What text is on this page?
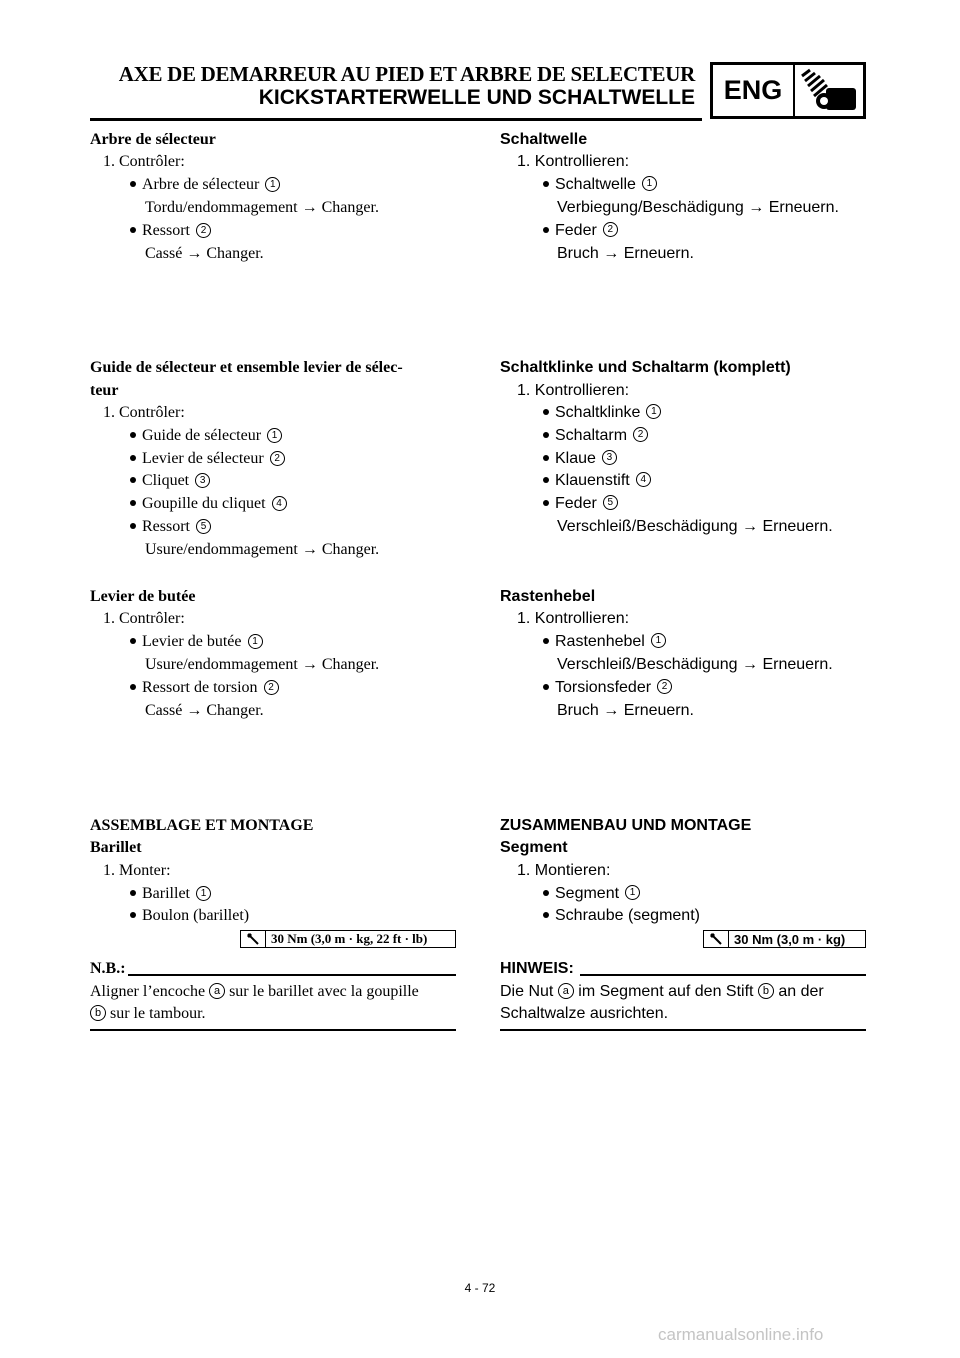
AXE DE DEMARREUR AU PIED ET ARBRE DE SELECTEUR
KICKSTARTERWELLE UND SCHALTWELLE	ENG
Arbre de sélecteur
1. Contrôler:
Arbre de sélecteur 1
Tordu/endommagement → Changer.
Ressort 2
Cassé → Changer.
Guide de sélecteur et ensemble levier de sélec-
teur
1. Contrôler:
Guide de sélecteur 1
Levier de sélecteur 2
Cliquet 3
Goupille du cliquet 4
Ressort 5
Usure/endommagement → Changer.
Levier de butée
1. Contrôler:
Levier de butée 1
Usure/endommagement → Changer.
Ressort de torsion 2
Cassé → Changer.
ASSEMBLAGE ET MONTAGE
Barillet
1. Monter:
Barillet 1
Boulon (barillet)
30 Nm (3,0 m · kg, 22 ft · lb)
N.B.:
Aligner l’encoche a sur le barillet avec la goupille
b sur le tambour.
Schaltwelle
1. Kontrollieren:
Schaltwelle 1
Verbiegung/Beschädigung → Erneuern.
Feder 2
Bruch → Erneuern.
Schaltklinke und Schaltarm (komplett)
1. Kontrollieren:
Schaltklinke 1
Schaltarm 2
Klaue 3
Klauenstift 4
Feder 5
Verschleiß/Beschädigung → Erneuern.
Rastenhebel
1. Kontrollieren:
Rastenhebel 1
Verschleiß/Beschädigung → Erneuern.
Torsionsfeder 2
Bruch → Erneuern.
ZUSAMMENBAU UND MONTAGE
Segment
1. Montieren:
Segment 1
Schraube (segment)
30 Nm (3,0 m · kg)
HINWEIS:
Die Nut a im Segment auf den Stift b an der
Schaltwalze ausrichten.
4 - 72
carmanualsonline.info
